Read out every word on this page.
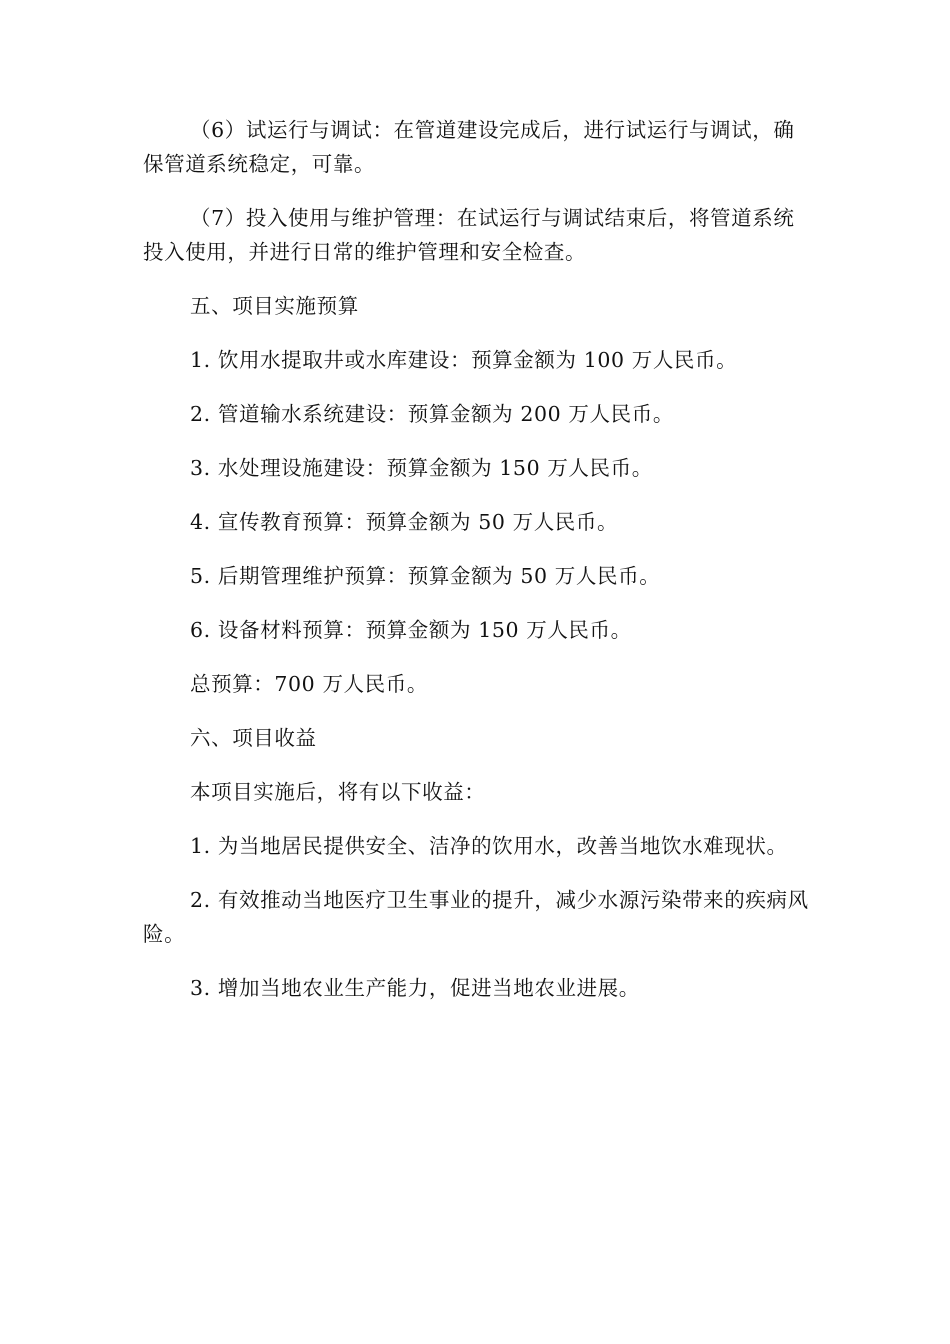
（6）试运行与调试：在管道建设完成后，进行试运行与调试，确保管道系统稳定，可靠。

（7）投入使用与维护管理：在试运行与调试结束后，将管道系统投入使用，并进行日常的维护管理和安全检查。

五、项目实施预算

1. 饮用水提取井或水库建设：预算金额为 100 万人民币。

2. 管道输水系统建设：预算金额为 200 万人民币。

3. 水处理设施建设：预算金额为 150 万人民币。

4. 宣传教育预算：预算金额为 50 万人民币。

5. 后期管理维护预算：预算金额为 50 万人民币。

6. 设备材料预算：预算金额为 150 万人民币。

总预算：700 万人民币。

六、项目收益

本项目实施后，将有以下收益：

1. 为当地居民提供安全、洁净的饮用水，改善当地饮水难现状。

2. 有效推动当地医疗卫生事业的提升，减少水源污染带来的疾病风险。

3. 增加当地农业生产能力，促进当地农业进展。
